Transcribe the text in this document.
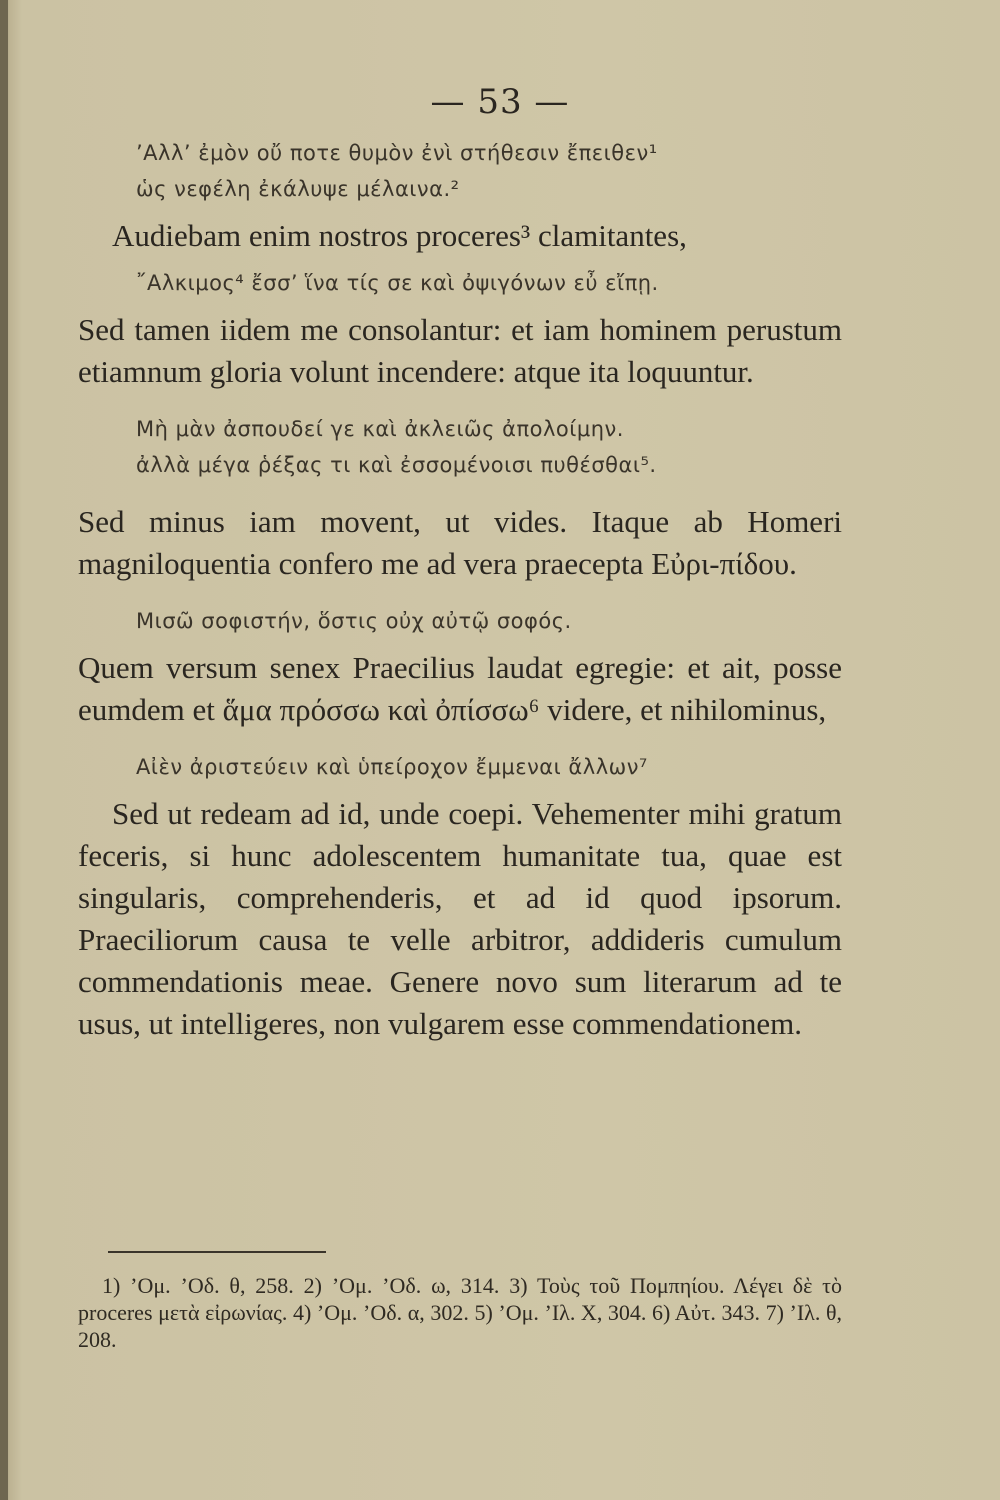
— 53 —

’Αλλ’ ἐμὸν οὔ ποτε θυμὸν ἐνὶ στήθεσιν ἔπειθεν¹

ὡς νεφέλη ἐκάλυψε μέλαινα.²

Audiebam enim nostros proceres³ clamitantes,

῎Αλκιμος⁴ ἔσσ’ ἵνα τίς σε καὶ ὀψιγόνων εὖ εἴπῃ.

Sed tamen iidem me consolantur: et iam hominem perustum etiamnum gloria volunt incendere: atque ita loquuntur.

Μὴ μὰν ἀσπουδεί γε καὶ ἀκλειῶς ἀπολοίμην.

ἀλλὰ μέγα ῥέξας τι καὶ ἐσσομένοισι πυθέσθαι⁵.

Sed minus iam movent, ut vides. Itaque ab Homeri magniloquentia confero me ad vera praecepta Εὐρι-πίδου.

Μισῶ σοφιστήν, ὅστις οὐχ αὐτῷ σοφός.

Quem versum senex Praecilius laudat egregie: et ait, posse eumdem et ἅμα πρόσσω καὶ ὀπίσσω⁶ videre, et nihilominus,

Αἰὲν ἀριστεύειν καὶ ὑπείροχον ἔμμεναι ἄλλων⁷

Sed ut redeam ad id, unde coepi. Vehementer mihi gratum feceris, si hunc adolescentem humanitate tua, quae est singularis, comprehenderis, et ad id quod ipsorum. Praeciliorum causa te velle arbitror, addideris cumulum commendationis meae. Genere novo sum literarum ad te usus, ut intelligeres, non vulgarem esse commendationem.

1) ’Ομ. ’Οδ. θ, 258. 2) ’Ομ. ’Οδ. ω, 314. 3) Τοὺς τοῦ Πομπηίου. Λέγει δὲ τὸ proceres μετὰ εἰρωνίας. 4) ’Ομ. ’Οδ. α, 302. 5) ’Ομ. ’Ιλ. Χ, 304. 6) Αὐτ. 343. 7) ’Ιλ. θ, 208.
